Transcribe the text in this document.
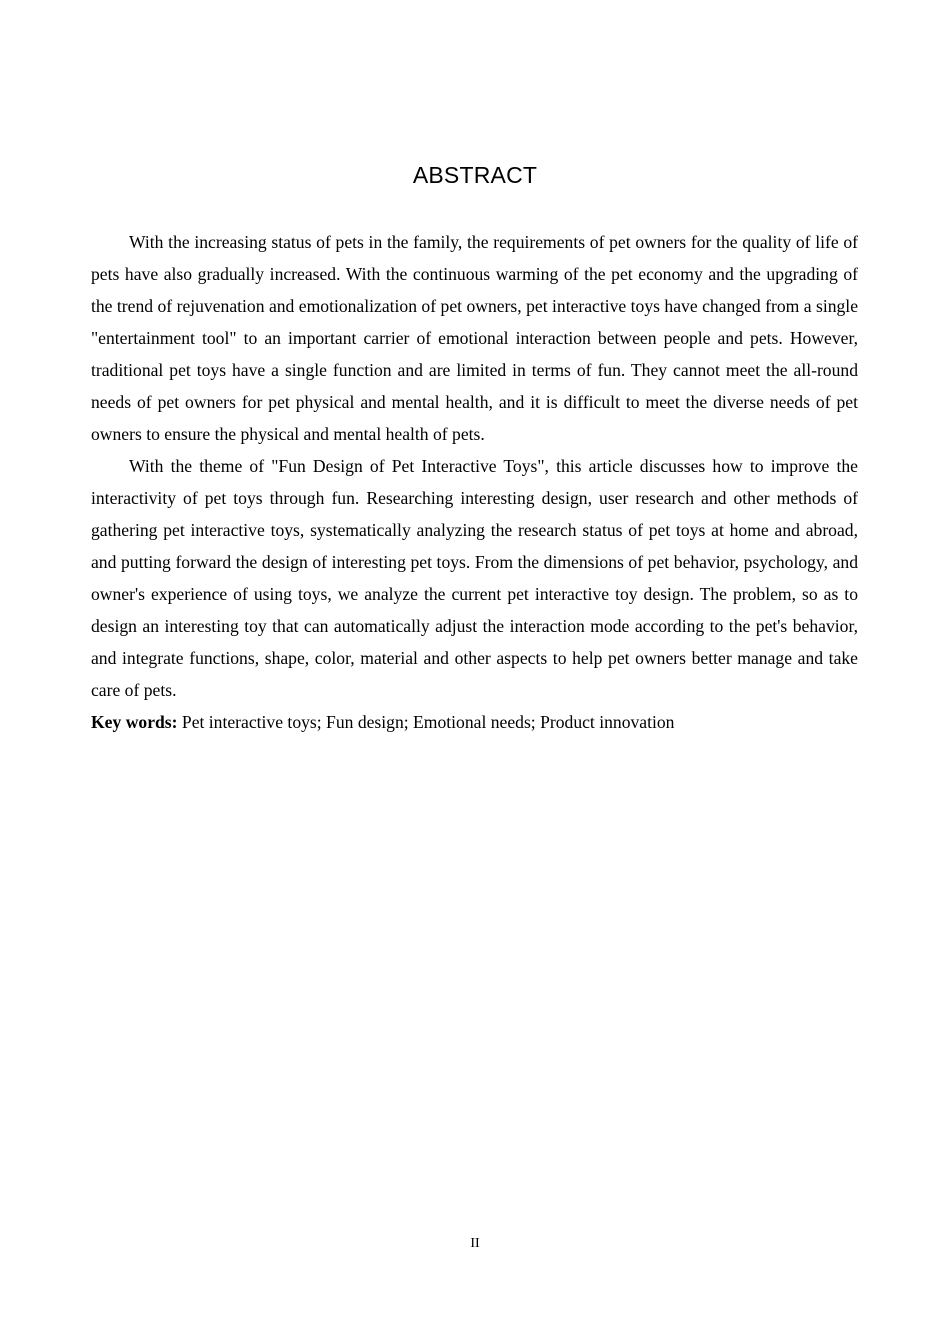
ABSTRACT

With the increasing status of pets in the family, the requirements of pet owners for the quality of life of pets have also gradually increased. With the continuous warming of the pet economy and the upgrading of the trend of rejuvenation and emotionalization of pet owners, pet interactive toys have changed from a single "entertainment tool" to an important carrier of emotional interaction between people and pets. However, traditional pet toys have a single function and are limited in terms of fun. They cannot meet the all-round needs of pet owners for pet physical and mental health, and it is difficult to meet the diverse needs of pet owners to ensure the physical and mental health of pets.

With the theme of "Fun Design of Pet Interactive Toys", this article discusses how to improve the interactivity of pet toys through fun. Researching interesting design, user research and other methods of gathering pet interactive toys, systematically analyzing the research status of pet toys at home and abroad, and putting forward the design of interesting pet toys. From the dimensions of pet behavior, psychology, and owner's experience of using toys, we analyze the current pet interactive toy design. The problem, so as to design an interesting toy that can automatically adjust the interaction mode according to the pet's behavior, and integrate functions, shape, color, material and other aspects to help pet owners better manage and take care of pets.

Key words: Pet interactive toys; Fun design; Emotional needs; Product innovation

II
